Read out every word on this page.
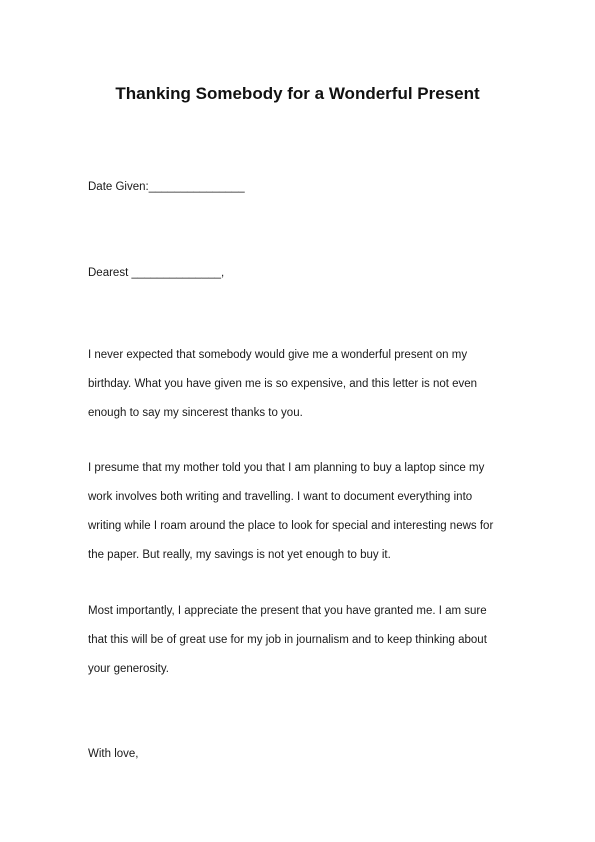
Thanking Somebody for a Wonderful Present
Date Given:_______________
Dearest ______________,
I never expected that somebody would give me a wonderful present on my
birthday. What you have given me is so expensive, and this letter is not even
enough to say my sincerest thanks to you.
I presume that my mother told you that I am planning to buy a laptop since my
work involves both writing and travelling. I want to document everything into
writing while I roam around the place to look for special and interesting news for
the paper. But really, my savings is not yet enough to buy it.
Most importantly, I appreciate the present that you have granted me. I am sure
that this will be of great use for my job in journalism and to keep thinking about
your generosity.
With love,
